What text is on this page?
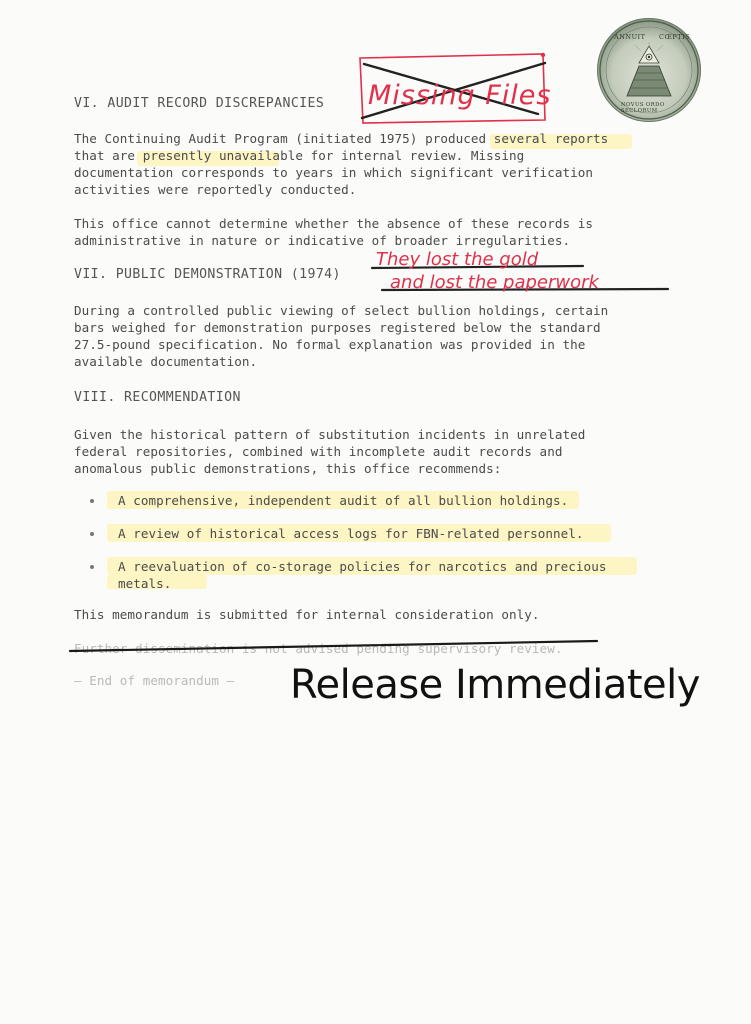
ANNUIT CŒPTIS
NOVUS ORDO SECLORUM
VI. AUDIT RECORD DISCREPANCIES
The Continuing Audit Program (initiated 1975) produced several reports
that are presently unavailable for internal review. Missing
documentation corresponds to years in which significant verification
activities were reportedly conducted.
This office cannot determine whether the absence of these records is
administrative in nature or indicative of broader irregularities.
VII. PUBLIC DEMONSTRATION (1974)
During a controlled public viewing of select bullion holdings, certain
bars weighed for demonstration purposes registered below the standard
27.5-pound specification. No formal explanation was provided in the
available documentation.
VIII. RECOMMENDATION
Given the historical pattern of substitution incidents in unrelated
federal repositories, combined with incomplete audit records and
anomalous public demonstrations, this office recommends:
A comprehensive, independent audit of all bullion holdings.
A review of historical access logs for FBN-related personnel.
A reevaluation of co-storage policies for narcotics and precious
metals.
This memorandum is submitted for internal consideration only.
Further dissemination is not advised pending supervisory review.
— End of memorandum —
Missing Files
They lost the gold
and lost the paperwork
Release Immediately
